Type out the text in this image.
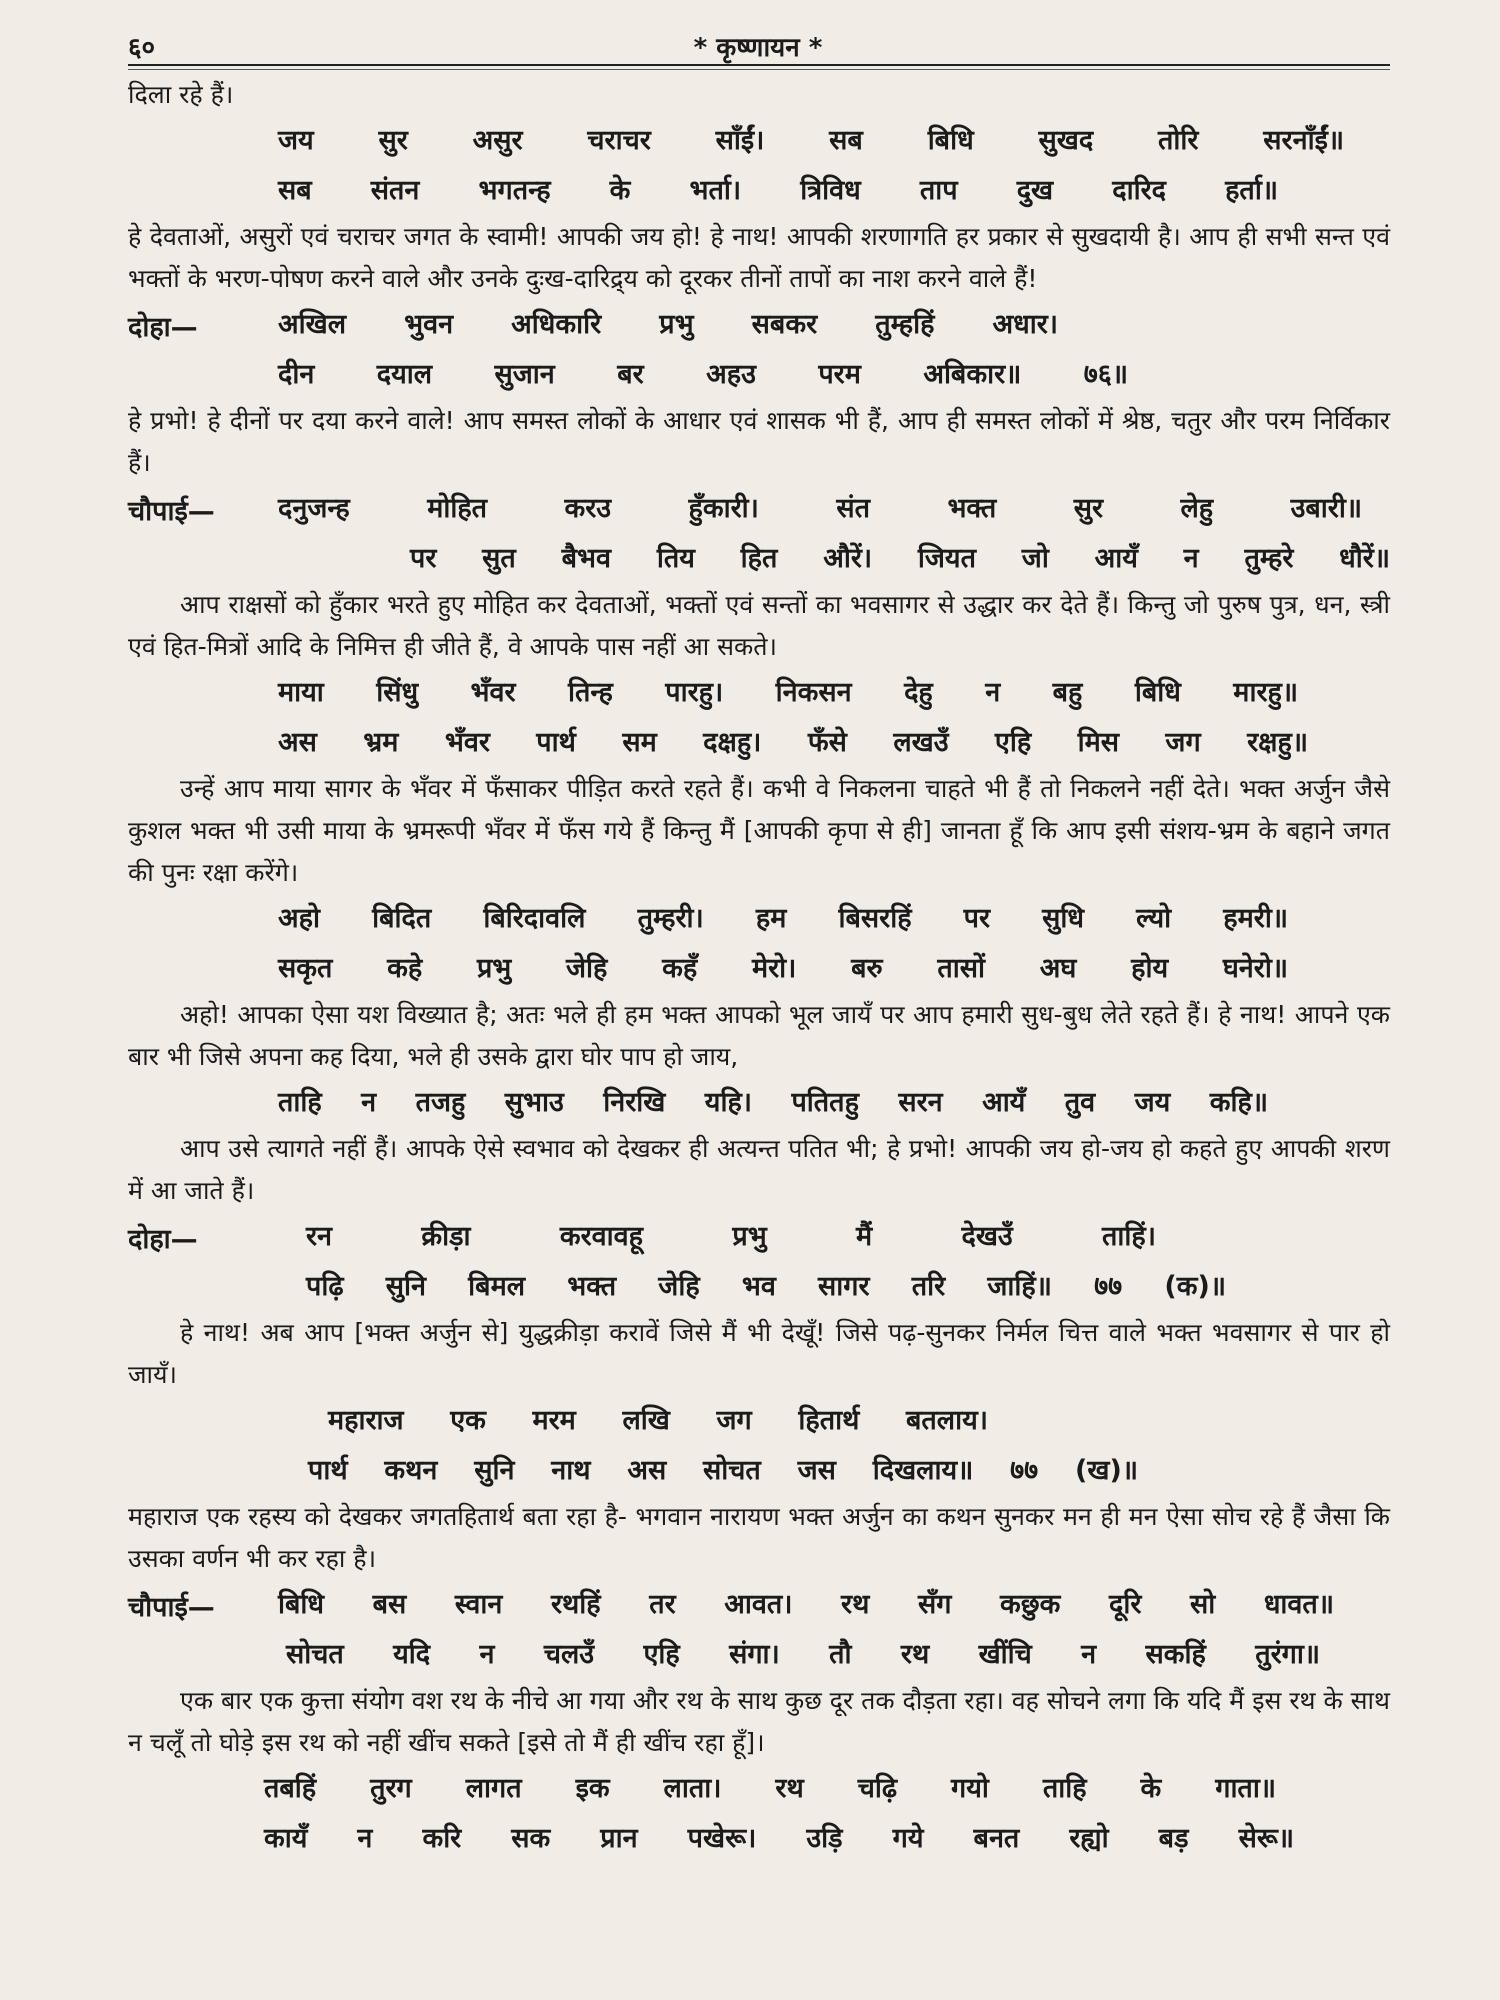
६०	* कृष्णायन *

दिला रहे हैं।

जय सुर असुर चराचर साँईं। सब बिधि सुखद तोरि सरनाँईं॥
सब संतन भगतन्ह के भर्ता। त्रिविध ताप दुख दारिद हर्ता॥

हे देवताओं, असुरों एवं चराचर जगत के स्वामी! आपकी जय हो! हे नाथ! आपकी शरणागति हर प्रकार से सुखदायी है। आप ही सभी सन्त एवं भक्तों के भरण-पोषण करने वाले और उनके दुःख-दारिद्र्य को दूरकर तीनों तापों का नाश करने वाले हैं!

दोहा—	अखिल भुवन अधिकारि प्रभु सबकर तुम्हहिं अधार।
दीन दयाल सुजान बर अहउ परम अबिकार॥ ७६॥

हे प्रभो! हे दीनों पर दया करने वाले! आप समस्त लोकों के आधार एवं शासक भी हैं, आप ही समस्त लोकों में श्रेष्ठ, चतुर और परम निर्विकार हैं।

चौपाई—	दनुजन्ह मोहित करउ हुँकारी। संत भक्त सुर लेहु उबारी॥
पर सुत बैभव तिय हित औरें। जियत जो आयँ न तुम्हरे धौरें॥

आप राक्षसों को हुँकार भरते हुए मोहित कर देवताओं, भक्तों एवं सन्तों का भवसागर से उद्धार कर देते हैं। किन्तु जो पुरुष पुत्र, धन, स्त्री एवं हित-मित्रों आदि के निमित्त ही जीते हैं, वे आपके पास नहीं आ सकते।

माया सिंधु भँवर तिन्ह पारहु। निकसन देहु न बहु बिधि मारहु॥
अस भ्रम भँवर पार्थ सम दक्षहु। फँसे लखउँ एहि मिस जग रक्षहु॥

उन्हें आप माया सागर के भँवर में फँसाकर पीड़ित करते रहते हैं। कभी वे निकलना चाहते भी हैं तो निकलने नहीं देते। भक्त अर्जुन जैसे कुशल भक्त भी उसी माया के भ्रमरूपी भँवर में फँस गये हैं किन्तु मैं [आपकी कृपा से ही] जानता हूँ कि आप इसी संशय-भ्रम के बहाने जगत की पुनः रक्षा करेंगे।

अहो बिदित बिरिदावलि तुम्हरी। हम बिसरहिं पर सुधि ल्यो हमरी॥
सकृत कहे प्रभु जेहि कहँ मेरो। बरु तासों अघ होय घनेरो॥

अहो! आपका ऐसा यश विख्यात है; अतः भले ही हम भक्त आपको भूल जायँ पर आप हमारी सुध-बुध लेते रहते हैं। हे नाथ! आपने एक बार भी जिसे अपना कह दिया, भले ही उसके द्वारा घोर पाप हो जाय,

ताहि न तजहु सुभाउ निरखि यहि। पतितहु सरन आयँ तुव जय कहि॥

आप उसे त्यागते नहीं हैं। आपके ऐसे स्वभाव को देखकर ही अत्यन्त पतित भी; हे प्रभो! आपकी जय हो-जय हो कहते हुए आपकी शरण में आ जाते हैं।

दोहा—	रन क्रीड़ा करवावहू प्रभु मैं देखउँ ताहिं।
पढ़ि सुनि बिमल भक्त जेहि भव सागर तरि जाहिं॥ ७७ (क)॥

हे नाथ! अब आप [भक्त अर्जुन से] युद्धक्रीड़ा करावें जिसे मैं भी देखूँ! जिसे पढ़-सुनकर निर्मल चित्त वाले भक्त भवसागर से पार हो जायँ।

महाराज एक मरम लखि जग हितार्थ बतलाय।
पार्थ कथन सुनि नाथ अस सोचत जस दिखलाय॥ ७७ (ख)॥

महाराज एक रहस्य को देखकर जगतहितार्थ बता रहा है- भगवान नारायण भक्त अर्जुन का कथन सुनकर मन ही मन ऐसा सोच रहे हैं जैसा कि उसका वर्णन भी कर रहा है।

चौपाई—	बिधि बस स्वान रथहिं तर आवत। रथ सँग कछुक दूरि सो धावत॥
सोचत यदि न चलउँ एहि संगा। तौ रथ खींचि न सकहिं तुरंगा॥

एक बार एक कुत्ता संयोग वश रथ के नीचे आ गया और रथ के साथ कुछ दूर तक दौड़ता रहा। वह सोचने लगा कि यदि मैं इस रथ के साथ न चलूँ तो घोड़े इस रथ को नहीं खींच सकते [इसे तो मैं ही खींच रहा हूँ]।

तबहिं तुरग लागत इक लाता। रथ चढ़ि गयो ताहि के गाता॥
कायँ न करि सक प्रान पखेरू। उड़ि गये बनत रह्यो बड़ सेरू॥
